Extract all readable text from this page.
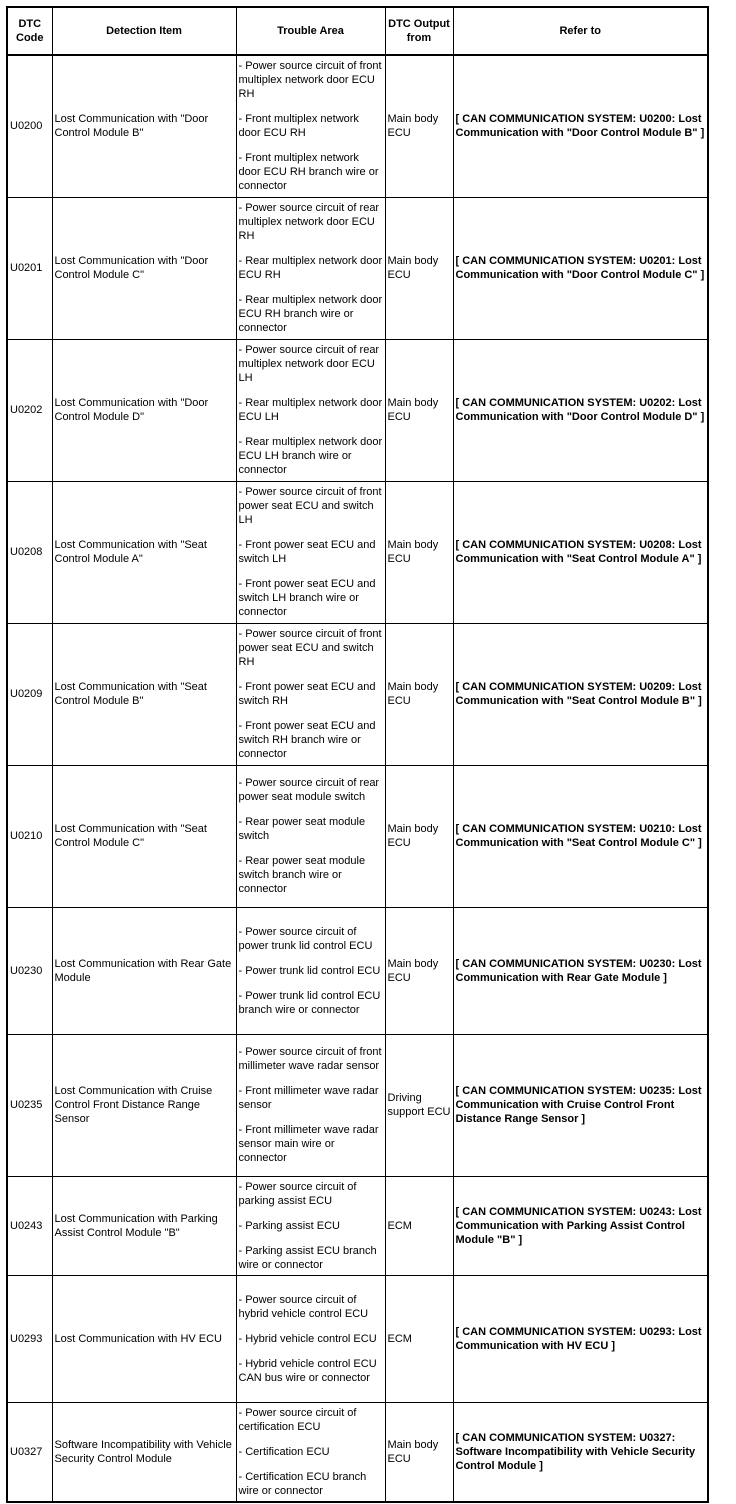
DTC Code	Detection Item	Trouble Area	DTC Output from	Refer to
U0200	Lost Communication with "Door Control Module B"	- Power source circuit of front multiplex network door ECU RH

- Front multiplex network door ECU RH

- Front multiplex network door ECU RH branch wire or connector	Main body ECU	[ CAN COMMUNICATION SYSTEM: U0200: Lost Communication with "Door Control Module B" ]
U0201	Lost Communication with "Door Control Module C"	- Power source circuit of rear multiplex network door ECU RH

- Rear multiplex network door ECU RH

- Rear multiplex network door ECU RH branch wire or connector	Main body ECU	[ CAN COMMUNICATION SYSTEM: U0201: Lost Communication with "Door Control Module C" ]
U0202	Lost Communication with "Door Control Module D"	- Power source circuit of rear multiplex network door ECU LH

- Rear multiplex network door ECU LH

- Rear multiplex network door ECU LH branch wire or connector	Main body ECU	[ CAN COMMUNICATION SYSTEM: U0202: Lost Communication with "Door Control Module D" ]
U0208	Lost Communication with "Seat Control Module A"	- Power source circuit of front power seat ECU and switch LH

- Front power seat ECU and switch LH

- Front power seat ECU and switch LH branch wire or connector	Main body ECU	[ CAN COMMUNICATION SYSTEM: U0208: Lost Communication with "Seat Control Module A" ]
U0209	Lost Communication with "Seat Control Module B"	- Power source circuit of front power seat ECU and switch RH

- Front power seat ECU and switch RH

- Front power seat ECU and switch RH branch wire or connector	Main body ECU	[ CAN COMMUNICATION SYSTEM: U0209: Lost Communication with "Seat Control Module B" ]
U0210	Lost Communication with "Seat Control Module C"	- Power source circuit of rear power seat module switch

- Rear power seat module switch

- Rear power seat module switch branch wire or connector	Main body ECU	[ CAN COMMUNICATION SYSTEM: U0210: Lost Communication with "Seat Control Module C" ]
U0230	Lost Communication with Rear Gate Module	- Power source circuit of power trunk lid control ECU

- Power trunk lid control ECU

- Power trunk lid control ECU branch wire or connector	Main body ECU	[ CAN COMMUNICATION SYSTEM: U0230: Lost Communication with Rear Gate Module ]
U0235	Lost Communication with Cruise Control Front Distance Range Sensor	- Power source circuit of front millimeter wave radar sensor

- Front millimeter wave radar sensor

- Front millimeter wave radar sensor main wire or connector	Driving support ECU	[ CAN COMMUNICATION SYSTEM: U0235: Lost Communication with Cruise Control Front Distance Range Sensor ]
U0243	Lost Communication with Parking Assist Control Module "B"	- Power source circuit of parking assist ECU

- Parking assist ECU

- Parking assist ECU branch wire or connector	ECM	[ CAN COMMUNICATION SYSTEM: U0243: Lost Communication with Parking Assist Control Module "B" ]
U0293	Lost Communication with HV ECU	- Power source circuit of hybrid vehicle control ECU

- Hybrid vehicle control ECU

- Hybrid vehicle control ECU CAN bus wire or connector	ECM	[ CAN COMMUNICATION SYSTEM: U0293: Lost Communication with HV ECU ]
U0327	Software Incompatibility with Vehicle Security Control Module	- Power source circuit of certification ECU

- Certification ECU

- Certification ECU branch wire or connector	Main body ECU	[ CAN COMMUNICATION SYSTEM: U0327: Software Incompatibility with Vehicle Security Control Module ]
